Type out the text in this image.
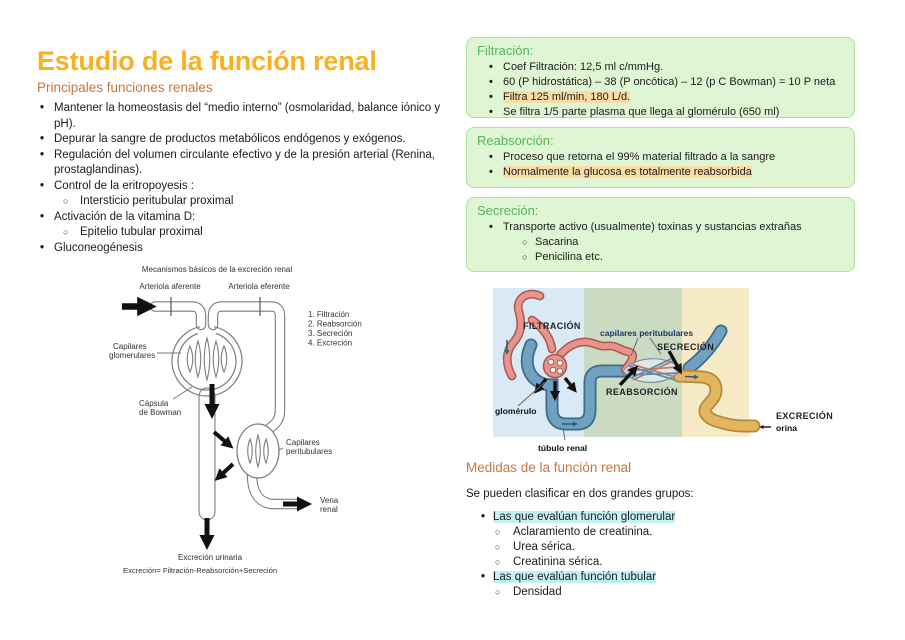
Estudio de la función renal
Principales funciones renales
• Mantener la homeostasis del “medio interno” (osmolaridad, balance iónico y pH).
• Depurar la sangre de productos metabólicos endógenos y exógenos.
• Regulación del volumen circulante efectivo y de la presión arterial (Renina, prostaglandinas).
• Control de la eritropoyesis :
○ Intersticio peritubular proximal
• Activación de la vitamina D:
○ Epitelio tubular proximal
• Gluconeogénesis
Filtración:
• Coef Filtración: 12,5 ml c/mmHg.
• 60 (P hidrostática) – 38 (P oncótica) – 12 (p C Bowman) = 10 P neta
• Filtra 125 ml/min, 180 L/d.
• Se filtra 1/5 parte plasma que llega al glomérulo (650 ml)
Reabsorción:
• Proceso que retorna el 99% material filtrado a la sangre
• Normalmente la glucosa es totalmente reabsorbida
Secreción:
• Transporte activo (usualmente) toxinas y sustancias extrañas
○ Sacarina
○ Penicilina etc.
Mecanismos básicos de la excreción renal
Arteriola aferente	Arteriola eferente
1. Filtración
2. Reabsorción
3. Secreción
4. Excreción
Capilares
glomerulares
Cápsula
de Bowman
Capilares
peritubulares
Vena
renal
Excreción urinaria
Excreción= Filtración-Reabsorción+Secreción
FILTRACIÓN
capilares peritubulares
SECRECIÓN
REABSORCIÓN
glomérulo
túbulo renal
EXCRECIÓN
orina
Medidas de la función renal
Se pueden clasificar en dos grandes grupos:
• Las que evalúan función glomerular
○ Aclaramiento de creatinina.
○ Urea sérica.
○ Creatinina sérica.
• Las que evalúan función tubular
○ Densidad
